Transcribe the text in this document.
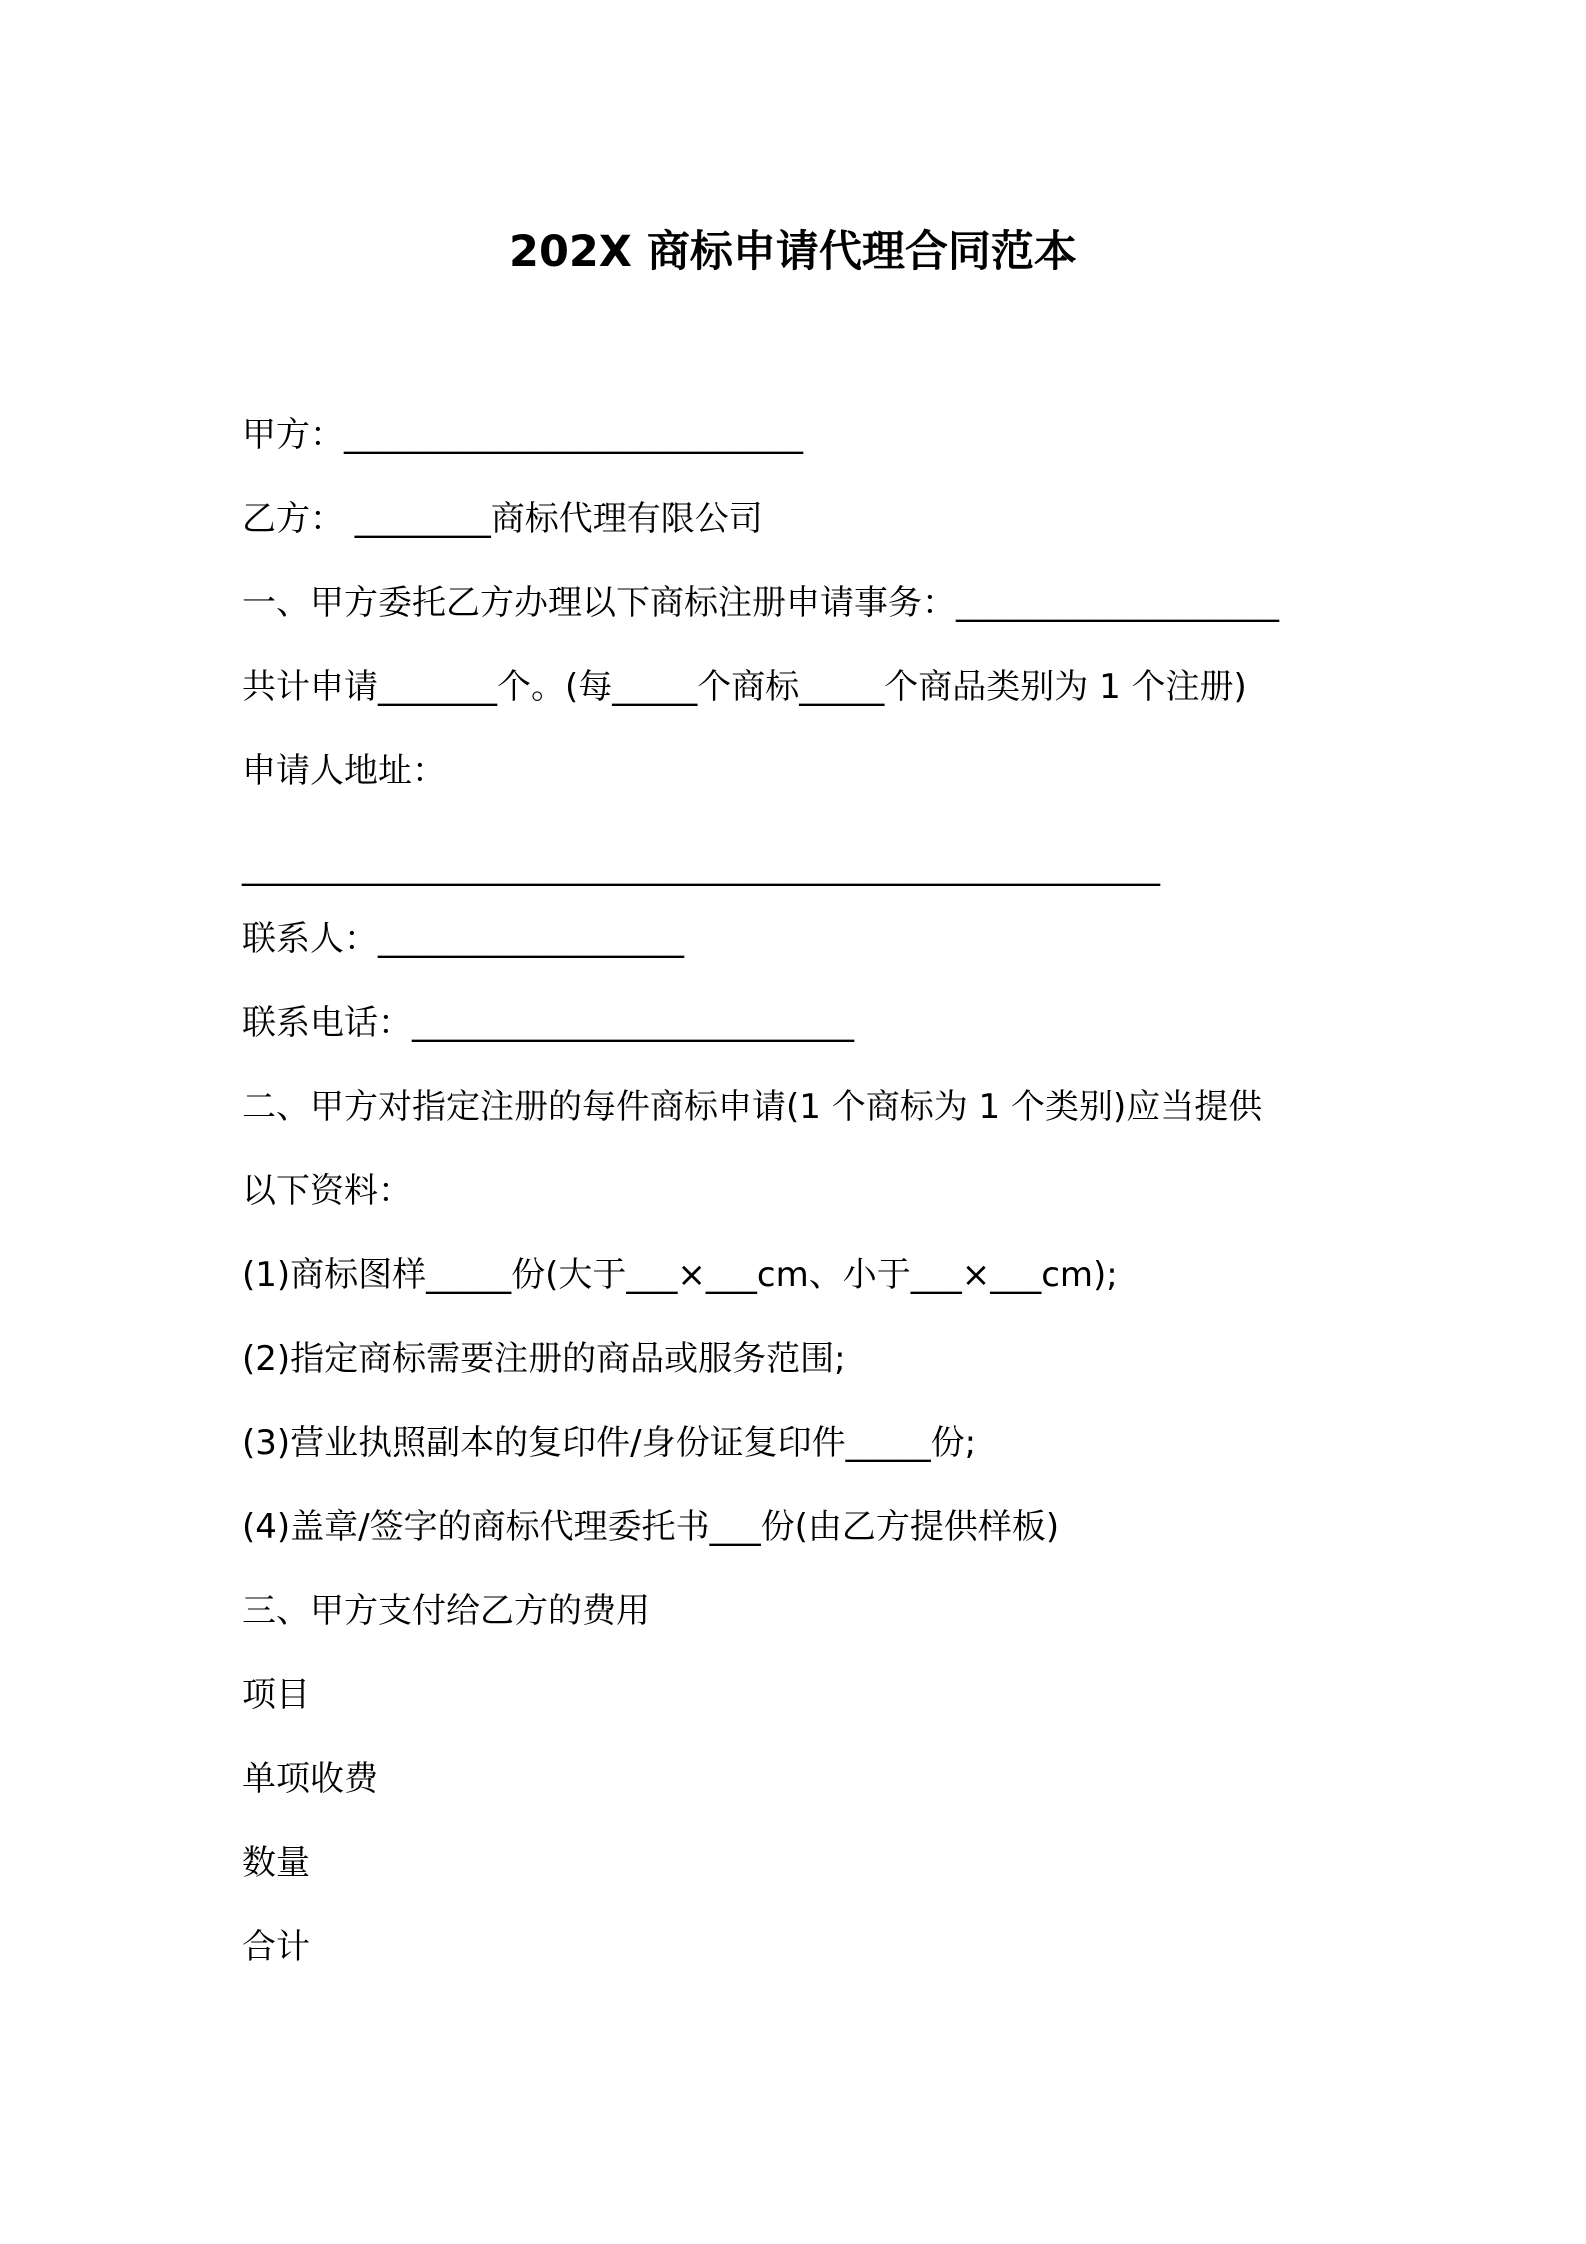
202X 商标申请代理合同范本
甲方：___________________________
乙方： ________商标代理有限公司
一、甲方委托乙方办理以下商标注册申请事务：___________________
共计申请_______个。(每_____个商标_____个商品类别为 1 个注册)
申请人地址：
______________________________________________________
联系人：__________________
联系电话：__________________________
二、甲方对指定注册的每件商标申请(1 个商标为 1 个类别)应当提供
以下资料：
(1)商标图样_____份(大于___×___cm、小于___×___cm);
(2)指定商标需要注册的商品或服务范围;
(3)营业执照副本的复印件/身份证复印件_____份;
(4)盖章/签字的商标代理委托书___份(由乙方提供样板)
三、甲方支付给乙方的费用
项目
单项收费
数量
合计
